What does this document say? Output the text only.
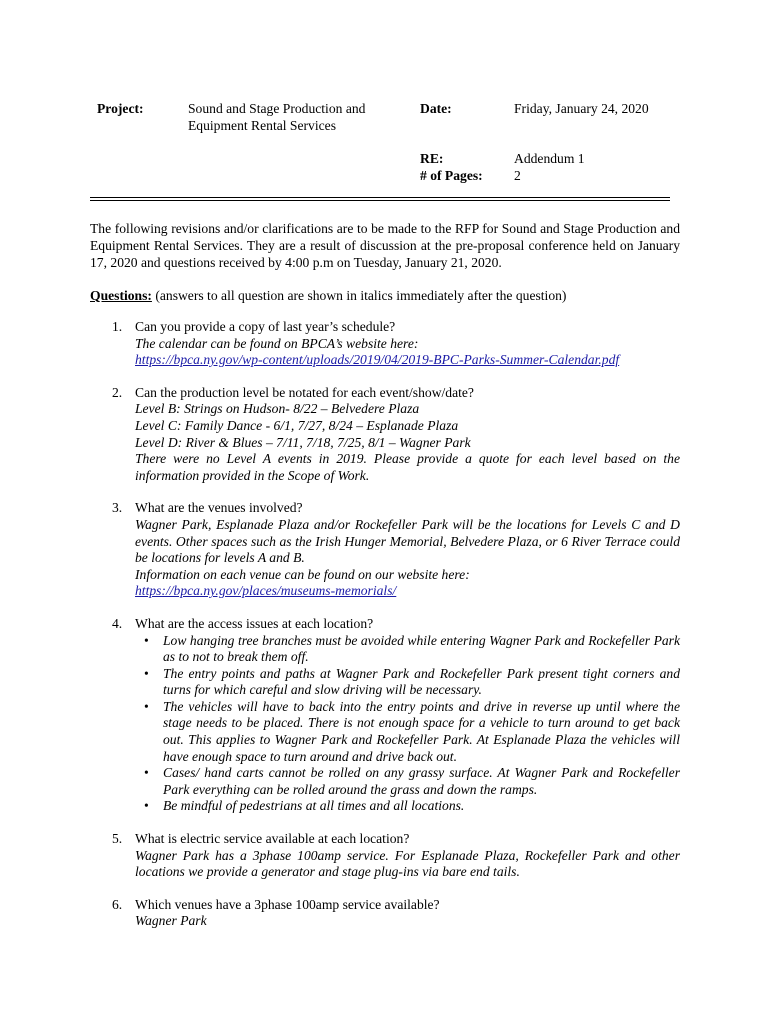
Project:	Sound and Stage Production and
Equipment Rental Services
Date:	Friday, January 24, 2020
RE:	Addendum 1
# of Pages: 2
The following revisions and/or clarifications are to be made to the RFP for Sound and Stage Production and Equipment Rental Services. They are a result of discussion at the pre-proposal conference held on January 17, 2020 and questions received by 4:00 p.m on Tuesday, January 21, 2020.
Questions: (answers to all question are shown in italics immediately after the question)
1. Can you provide a copy of last year’s schedule?
The calendar can be found on BPCA’s website here:
https://bpca.ny.gov/wp-content/uploads/2019/04/2019-BPC-Parks-Summer-Calendar.pdf
2. Can the production level be notated for each event/show/date?
Level B: Strings on Hudson- 8/22 – Belvedere Plaza
Level C: Family Dance - 6/1, 7/27, 8/24 – Esplanade Plaza
Level D: River & Blues – 7/11, 7/18, 7/25, 8/1 – Wagner Park
There were no Level A events in 2019. Please provide a quote for each level based on the information provided in the Scope of Work.
3. What are the venues involved?
Wagner Park, Esplanade Plaza and/or Rockefeller Park will be the locations for Levels C and D events. Other spaces such as the Irish Hunger Memorial, Belvedere Plaza, or 6 River Terrace could be locations for levels A and B.
Information on each venue can be found on our website here:
https://bpca.ny.gov/places/museums-memorials/
4. What are the access issues at each location?
• Low hanging tree branches must be avoided while entering Wagner Park and Rockefeller Park as to not to break them off.
• The entry points and paths at Wagner Park and Rockefeller Park present tight corners and turns for which careful and slow driving will be necessary.
• The vehicles will have to back into the entry points and drive in reverse up until where the stage needs to be placed. There is not enough space for a vehicle to turn around to get back out. This applies to Wagner Park and Rockefeller Park. At Esplanade Plaza the vehicles will have enough space to turn around and drive back out.
• Cases/ hand carts cannot be rolled on any grassy surface. At Wagner Park and Rockefeller Park everything can be rolled around the grass and down the ramps.
• Be mindful of pedestrians at all times and all locations.
5. What is electric service available at each location?
Wagner Park has a 3phase 100amp service. For Esplanade Plaza, Rockefeller Park and other locations we provide a generator and stage plug-ins via bare end tails.
6. Which venues have a 3phase 100amp service available?
Wagner Park
